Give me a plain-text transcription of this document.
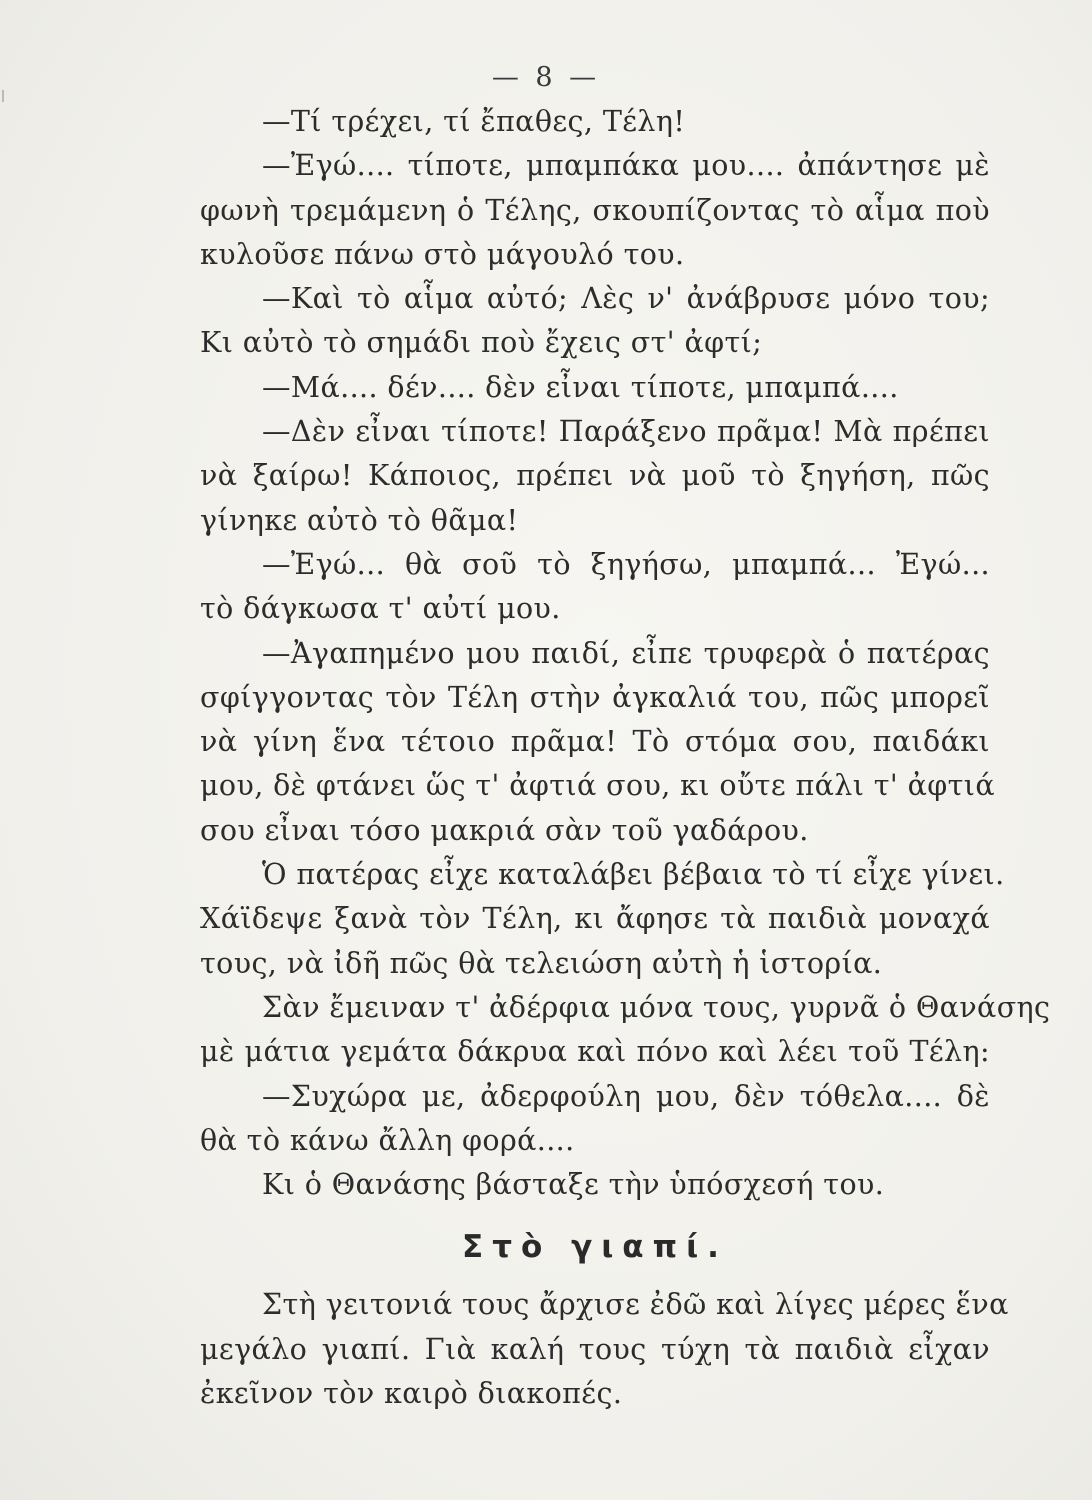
— 8 —
—Τί τρέχει, τί ἔπαθες, Τέλη!
—Ἐγώ.... τίποτε, μπαμπάκα μου.... ἀπάντησε μὲ
φωνὴ τρεμάμενη ὁ Τέλης, σκουπίζοντας τὸ αἷμα ποὺ
κυλοῦσε πάνω στὸ μάγουλό του.
—Καὶ τὸ αἷμα αὐτό; Λὲς ν' ἀνάβρυσε μόνο του;
Κι αὐτὸ τὸ σημάδι ποὺ ἔχεις στ' ἀφτί;
—Μά.... δέν.... δὲν εἶναι τίποτε, μπαμπά....
—Δὲν εἶναι τίποτε! Παράξενο πρᾶμα! Μὰ πρέπει
νὰ ξαίρω! Κάποιος, πρέπει νὰ μοῦ τὸ ξηγήση, πῶς
γίνηκε αὐτὸ τὸ θᾶμα!
—Ἐγώ... θὰ σοῦ τὸ ξηγήσω, μπαμπά... Ἐγώ...
τὸ δάγκωσα τ' αὐτί μου.
—Ἀγαπημένο μου παιδί, εἶπε τρυφερὰ ὁ πατέρας
σφίγγοντας τὸν Τέλη στὴν ἀγκαλιά του, πῶς μπορεῖ
νὰ γίνη ἕνα τέτοιο πρᾶμα! Τὸ στόμα σου, παιδάκι
μου, δὲ φτάνει ὥς τ' ἀφτιά σου, κι οὔτε πάλι τ' ἀφτιά
σου εἶναι τόσο μακριά σὰν τοῦ γαδάρου.
Ὁ πατέρας εἶχε καταλάβει βέβαια τὸ τί εἶχε γίνει.
Χάϊδεψε ξανὰ τὸν Τέλη, κι ἄφησε τὰ παιδιὰ μοναχά
τους, νὰ ἰδῆ πῶς θὰ τελειώση αὐτὴ ἡ ἱστορία.
Σὰν ἔμειναν τ' ἀδέρφια μόνα τους, γυρνᾶ ὁ Θανάσης
μὲ μάτια γεμάτα δάκρυα καὶ πόνο καὶ λέει τοῦ Τέλη:
—Συχώρα με, ἀδερφούλη μου, δὲν τόθελα.... δὲ
θὰ τὸ κάνω ἄλλη φορά....
Κι ὁ Θανάσης βάσταξε τὴν ὑπόσχεσή του.
Στὸ γιαπί.
Στὴ γειτονιά τους ἄρχισε ἐδῶ καὶ λίγες μέρες ἕνα
μεγάλο γιαπί. Γιὰ καλή τους τύχη τὰ παιδιὰ εἶχαν
ἐκεῖνον τὸν καιρὸ διακοπές.
